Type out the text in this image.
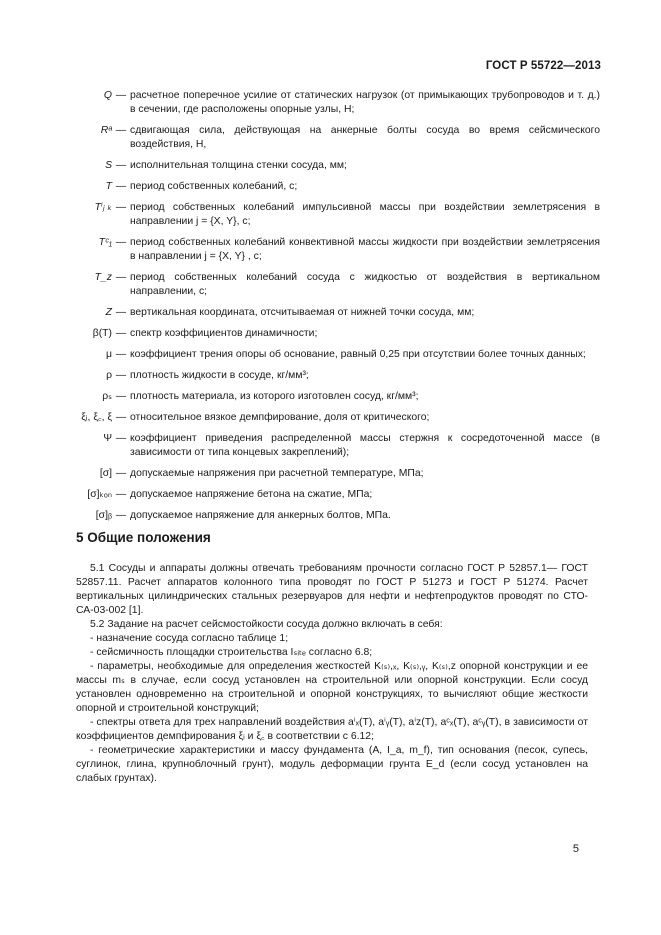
ГОСТ Р 55722—2013
Q — расчетное поперечное усилие от статических нагрузок (от примыкающих трубопроводов и т. д.) в сечении, где расположены опорные узлы, Н;
Rᵃ — сдвигающая сила, действующая на анкерные болты сосуда во время сейсмического воздействия, Н,
S — исполнительная толщина стенки сосуда, мм;
T — период собственных колебаний, с;
Tⁱⱼ ₖ — период собственных колебаний импульсивной массы при воздействии землетрясения в направлении j = {X, Y}, с;
Tᶜ₁ — период собственных колебаний конвективной массы жидкости при воздействии землетрясения в направлении j = {X, Y} , с;
T_z — период собственных колебаний сосуда с жидкостью от воздействия в вертикальном направлении, с;
Z — вертикальная координата, отсчитываемая от нижней точки сосуда, мм;
β(T) — спектр коэффициентов динамичности;
μ — коэффициент трения опоры об основание, равный 0,25 при отсутствии более точных данных;
ρ — плотность жидкости в сосуде, кг/мм³;
ρₛ — плотность материала, из которого изготовлен сосуд, кг/мм³;
ξᵢ, ξ꜀, ξ — относительное вязкое демпфирование, доля от критического;
Ψ — коэффициент приведения распределенной массы стержня к сосредоточенной массе (в зависимости от типа концевых закреплений);
[σ] — допускаемые напряжения при расчетной температуре, МПа;
[σ]ₖₒₙ — допускаемое напряжение бетона на сжатие, МПа;
[σ]ᵦ — допускаемое напряжение для анкерных болтов, МПа.
5 Общие положения

5.1 Сосуды и аппараты должны отвечать требованиям прочности согласно ГОСТ Р 52857.1— ГОСТ 52857.11. Расчет аппаратов колонного типа проводят по ГОСТ Р 51273 и ГОСТ Р 51274. Расчет вертикальных цилиндрических стальных резервуаров для нефти и нефтепродуктов проводят по СТО-СА-03-002 [1].

5.2 Задание на расчет сейсмостойкости сосуда должно включать в себя:

- назначение сосуда согласно таблице 1;

- сейсмичность площадки строительства Iₛᵢₜₑ согласно 6.8;

- параметры, необходимые для определения жесткостей K₍ₛ₎,ₓ, K₍ₛ₎,ᵧ, K₍ₛ₎,z опорной конструкции и ее массы mₛ в случае, если сосуд установлен на строительной или опорной конструкции. Если сосуд установлен одновременно на строительной и опорной конструкциях, то вычисляют общие жесткости опорной и строительной конструкций;

- спектры ответа для трех направлений воздействия aⁱₓ(T), aⁱᵧ(T), aⁱz(T), aᶜₓ(T), aᶜᵧ(T), в зависимости от коэффициентов демпфирования ξᵢ и ξ꜀ в соответствии с 6.12;

- геометрические характеристики и массу фундамента (A, I_a, m_f), тип основания (песок, супесь, суглинок, глина, крупноблочный грунт), модуль деформации грунта E_d (если сосуд установлен на слабых грунтах).

5
